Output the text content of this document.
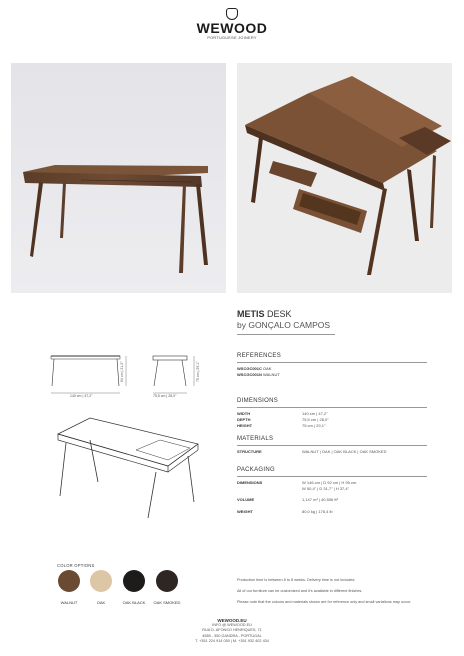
WEWOOD
PORTUGUESE JOINERY
METIS DESK
by GONÇALO CAMPOS
140 cm | 47,2"
64 cm | 21,2"
75,5 cm | 28,0"
75 cm | 29,1"
REFERENCES
WSCGC001C OAK
WSCGC001N WALNUT
DIMENSIONS
WIDTH	140 cm | 47,2"
DEPTH	75,5 cm | 28,0"
HEIGHT	75 cm | 29,1"
MATERIALS
STRUCTURE	WALNUT | OAK | OAK BLACK | OAK SMOKED
PACKAGING
DIMENSIONS	W 146 cm | D 92 cm | H 95 cm
W 50,4" | D 31,7" | H 37,4"
VOLUME	1,147 m³ | 40,506 ft³
WEIGHT	80,0 kg | 176,4 lb
COLOR OPTIONS
WALNUT	OAK	OAK BLACK	OAK SMOKED
Production time is between 8 to 8 weeks. Delivery time is not included.
All of our furniture can be customized and it's available in different finishes.
Please note that the colours and materials shown are for reference only and small variations may occur.
WEWOOD.EU
INFO @ WEWOOD.EU
RUA D. AFONSO HENRIQUES, 71
4585 - 350 GANDRA - PORTUGAL
T. +351 224 914 050 | M. +351 932 402 434
